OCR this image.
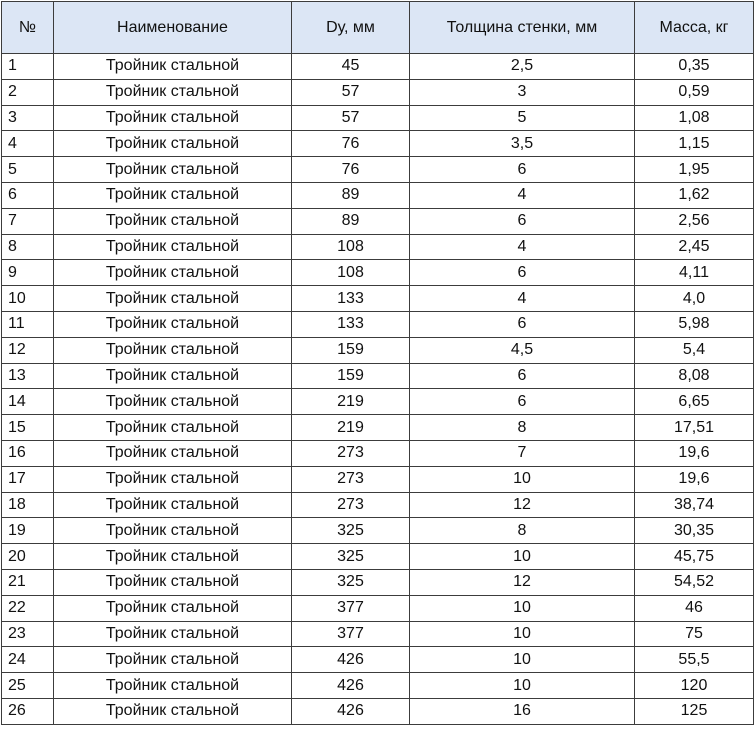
№	Наименование	Dу, мм	Толщина стенки, мм	Масса, кг
1	Тройник стальной	45	2,5	0,35
2	Тройник стальной	57	3	0,59
3	Тройник стальной	57	5	1,08
4	Тройник стальной	76	3,5	1,15
5	Тройник стальной	76	6	1,95
6	Тройник стальной	89	4	1,62
7	Тройник стальной	89	6	2,56
8	Тройник стальной	108	4	2,45
9	Тройник стальной	108	6	4,11
10	Тройник стальной	133	4	4,0
11	Тройник стальной	133	6	5,98
12	Тройник стальной	159	4,5	5,4
13	Тройник стальной	159	6	8,08
14	Тройник стальной	219	6	6,65
15	Тройник стальной	219	8	17,51
16	Тройник стальной	273	7	19,6
17	Тройник стальной	273	10	19,6
18	Тройник стальной	273	12	38,74
19	Тройник стальной	325	8	30,35
20	Тройник стальной	325	10	45,75
21	Тройник стальной	325	12	54,52
22	Тройник стальной	377	10	46
23	Тройник стальной	377	10	75
24	Тройник стальной	426	10	55,5
25	Тройник стальной	426	10	120
26	Тройник стальной	426	16	125
